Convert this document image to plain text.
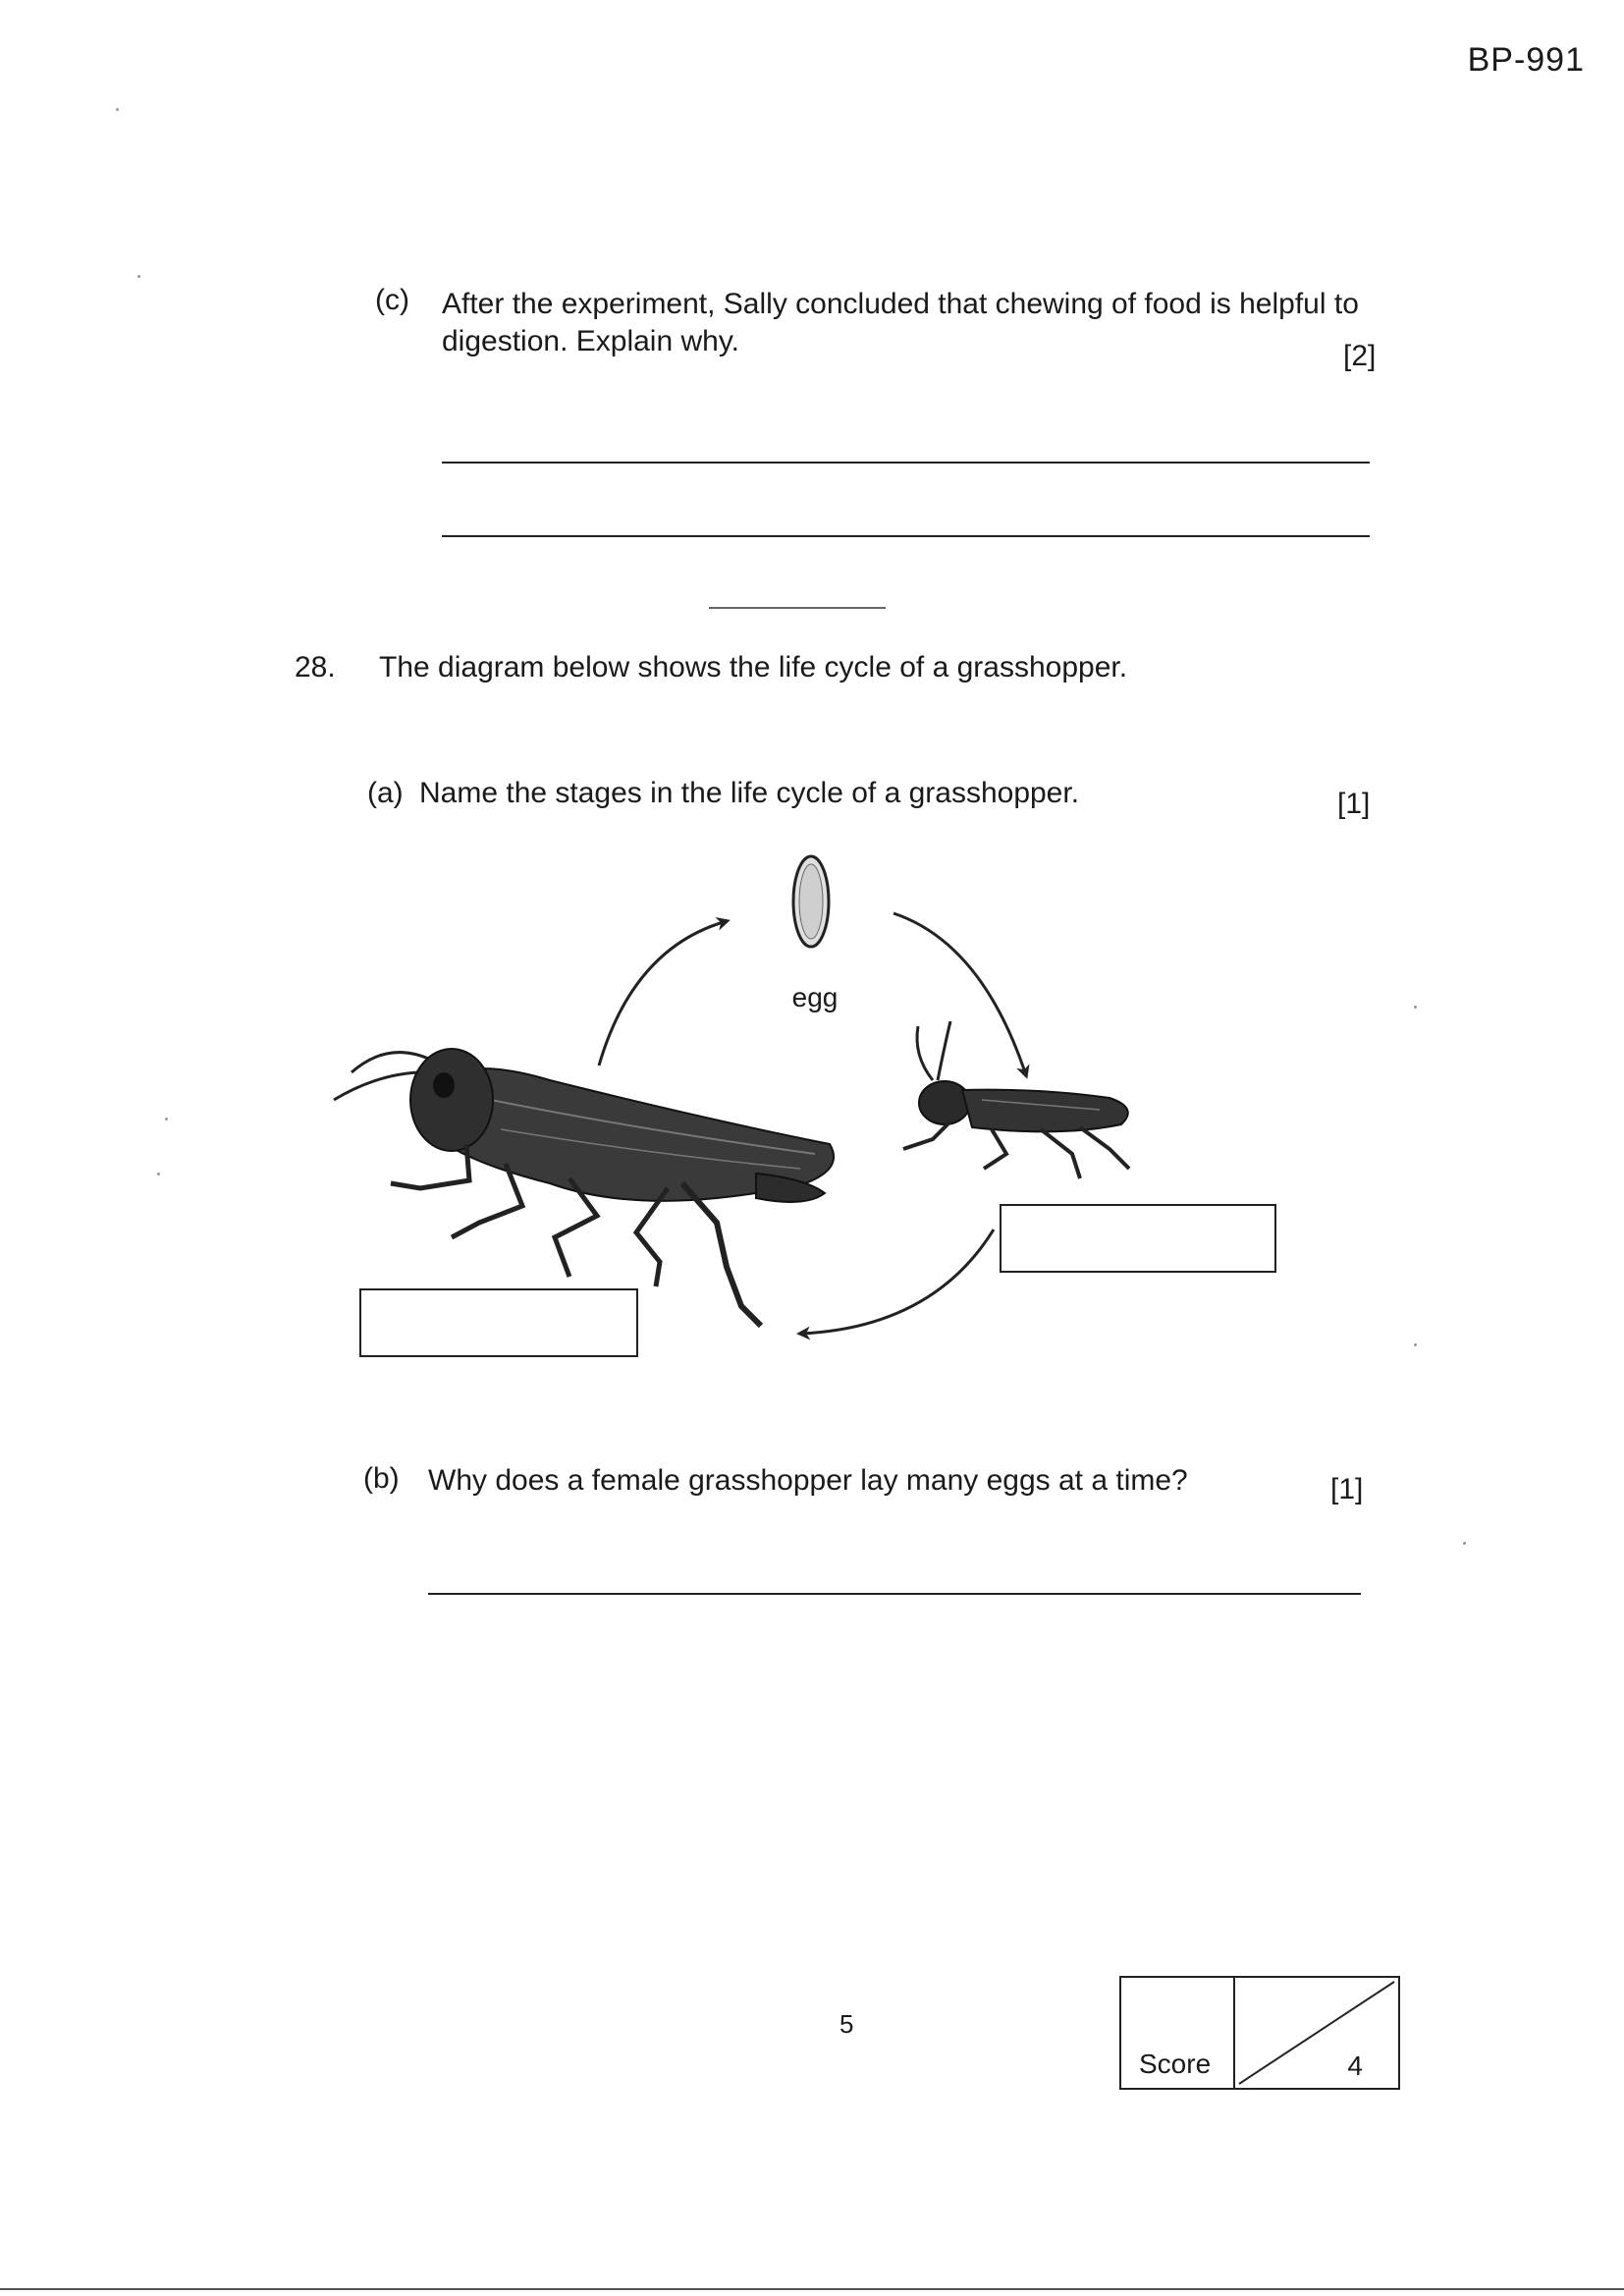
BP-991
(c) After the experiment, Sally concluded that chewing of food is helpful to
digestion. Explain why.	[2]
28. The diagram below shows the life cycle of a grasshopper.
(a) Name the stages in the life cycle of a grasshopper.	[1]
egg
(b) Why does a female grasshopper lay many eggs at a time?	[1]
5
Score	4
